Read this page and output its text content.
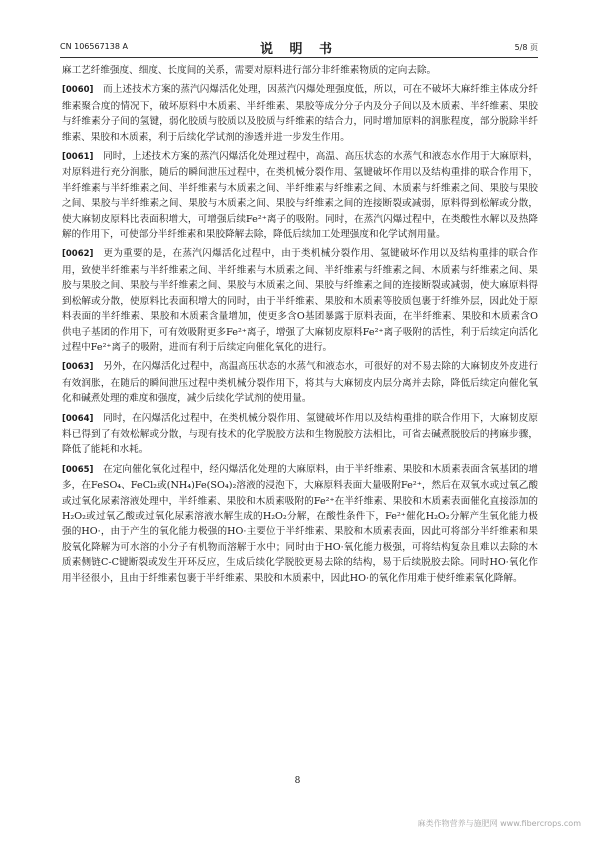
CN 106567138 A	说 明 书	5/8 页

麻工艺纤维强度、细度、长度间的关系，需要对原料进行部分非纤维素物质的定向去除。

[0060]  而上述技术方案的蒸汽闪爆活化处理，因蒸汽闪爆处理强度低，所以，可在不破坏大麻纤维主体成分纤维素聚合度的情况下，破坏原料中木质素、半纤维素、果胶等成分分子内及分子间以及木质素、半纤维素、果胶与纤维素分子间的氢键，弱化胶质与胶质以及胶质与纤维素的结合力，同时增加原料的润胀程度，部分脱除半纤维素、果胶和木质素，利于后续化学试剂的渗透并进一步发生作用。

[0061]  同时，上述技术方案的蒸汽闪爆活化处理过程中，高温、高压状态的水蒸气和液态水作用于大麻原料，对原料进行充分润胀，随后的瞬间泄压过程中，在类机械分裂作用、氢键破坏作用以及结构重排的联合作用下，半纤维素与半纤维素之间、半纤维素与木质素之间、半纤维素与纤维素之间、木质素与纤维素之间、果胶与果胶之间、果胶与半纤维素之间、果胶与木质素之间、果胶与纤维素之间的连接断裂或减弱，原料得到松解或分散，使大麻韧皮原料比表面积增大，可增强后续Fe²⁺离子的吸附。同时，在蒸汽闪爆过程中，在类酸性水解以及热降解的作用下，可使部分半纤维素和果胶降解去除，降低后续加工处理强度和化学试剂用量。

[0062]  更为重要的是，在蒸汽闪爆活化过程中，由于类机械分裂作用、氢键破坏作用以及结构重排的联合作用，致使半纤维素与半纤维素之间、半纤维素与木质素之间、半纤维素与纤维素之间、木质素与纤维素之间、果胶与果胶之间、果胶与半纤维素之间、果胶与木质素之间、果胶与纤维素之间的连接断裂或减弱，使大麻原料得到松解或分散，使原料比表面积增大的同时，由于半纤维素、果胶和木质素等胶质包裹于纤维外层，因此处于原料表面的半纤维素、果胶和木质素含量增加，使更多含O基团暴露于原料表面，在半纤维素、果胶和木质素含O供电子基团的作用下，可有效吸附更多Fe²⁺离子，增强了大麻韧皮原料Fe²⁺离子吸附的活性，利于后续定向活化过程中Fe²⁺离子的吸附，进而有利于后续定向催化氧化的进行。

[0063]  另外，在闪爆活化过程中，高温高压状态的水蒸气和液态水，可很好的对不易去除的大麻韧皮外皮进行有效润胀，在随后的瞬间泄压过程中类机械分裂作用下，将其与大麻韧皮内层分离并去除，降低后续定向催化氧化和碱煮处理的难度和强度，减少后续化学试剂的使用量。

[0064]  同时，在闪爆活化过程中，在类机械分裂作用、氢键破坏作用以及结构重排的联合作用下，大麻韧皮原料已得到了有效松解或分散，与现有技术的化学脱胶方法和生物脱胶方法相比，可省去碱煮脱胶后的拷麻步骤，降低了能耗和水耗。

[0065]  在定向催化氧化过程中，经闪爆活化处理的大麻原料，由于半纤维素、果胶和木质素表面含氧基团的增多，在FeSO₄、FeCl₂或(NH₄)Fe(SO₄)₂溶液的浸泡下，大麻原料表面大量吸附Fe²⁺，然后在双氧水或过氧乙酸或过氧化尿素溶液处理中，半纤维素、果胶和木质素吸附的Fe²⁺在半纤维素、果胶和木质素表面催化直接添加的H₂O₂或过氧乙酸或过氧化尿素溶液水解生成的H₂O₂分解，在酸性条件下，Fe²⁺催化H₂O₂分解产生氧化能力极强的HO·，由于产生的氧化能力极强的HO·主要位于半纤维素、果胶和木质素表面，因此可将部分半纤维素和果胶氧化降解为可水溶的小分子有机物而溶解于水中；同时由于HO·氧化能力极强，可将结构复杂且难以去除的木质素侧链C-C键断裂或发生开环反应，生成后续化学脱胶更易去除的结构，易于后续脱胶去除。同时HO·氧化作用半径很小，且由于纤维素包裹于半纤维素、果胶和木质素中，因此HO·的氧化作用难于使纤维素氧化降解。

8
麻类作物营养与施肥网 www.fibercrops.com
